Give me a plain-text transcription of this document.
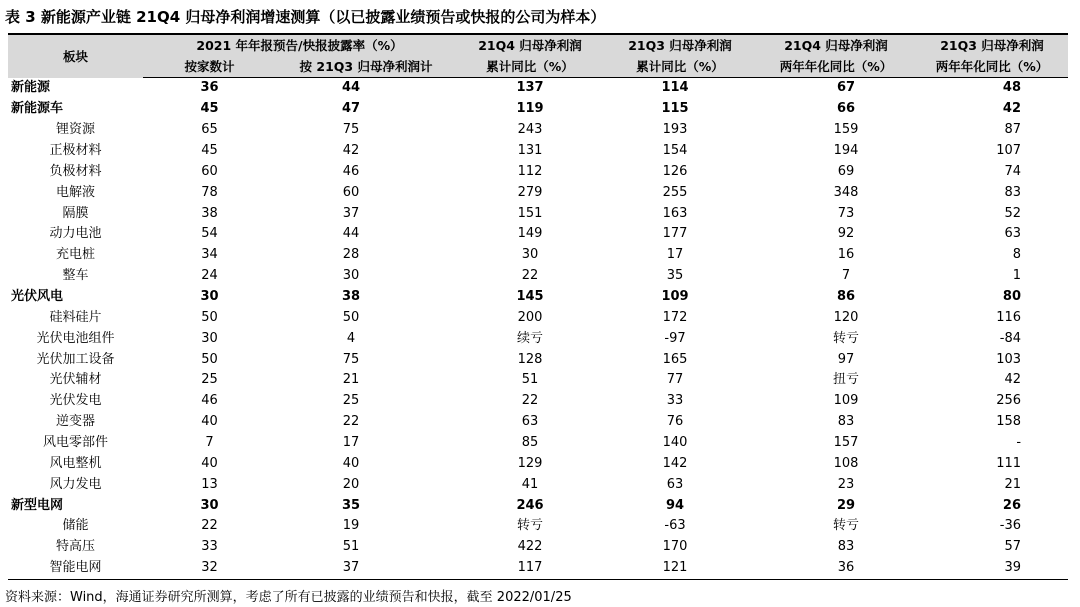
表 3 新能源产业链 21Q4 归母净利润增速测算（以已披露业绩预告或快报的公司为样本）
板块	2021 年年报预告/快报披露率（%）		21Q4 归母净利润	21Q3 归母净利润	21Q4 归母净利润	21Q3 归母净利润
	按家数计	按 21Q3 归母净利润计	累计同比（%）	累计同比（%）	两年年化同比（%）	两年年化同比（%）
新能源	36	44	137	114	67	48
新能源车	45	47	119	115	66	42
锂资源	65	75	243	193	159	87
正极材料	45	42	131	154	194	107
负极材料	60	46	112	126	69	74
电解液	78	60	279	255	348	83
隔膜	38	37	151	163	73	52
动力电池	54	44	149	177	92	63
充电桩	34	28	30	17	16	8
整车	24	30	22	35	7	1
光伏风电	30	38	145	109	86	80
硅料硅片	50	50	200	172	120	116
光伏电池组件	30	4	续亏	-97	转亏	-84
光伏加工设备	50	75	128	165	97	103
光伏辅材	25	21	51	77	扭亏	42
光伏发电	46	25	22	33	109	256
逆变器	40	22	63	76	83	158
风电零部件	7	17	85	140	157	-
风电整机	40	40	129	142	108	111
风力发电	13	20	41	63	23	21
新型电网	30	35	246	94	29	26
储能	22	19	转亏	-63	转亏	-36
特高压	33	51	422	170	83	57
智能电网	32	37	117	121	36	39
资料来源：Wind，海通证券研究所测算，考虑了所有已披露的业绩预告和快报，截至 2022/01/25
